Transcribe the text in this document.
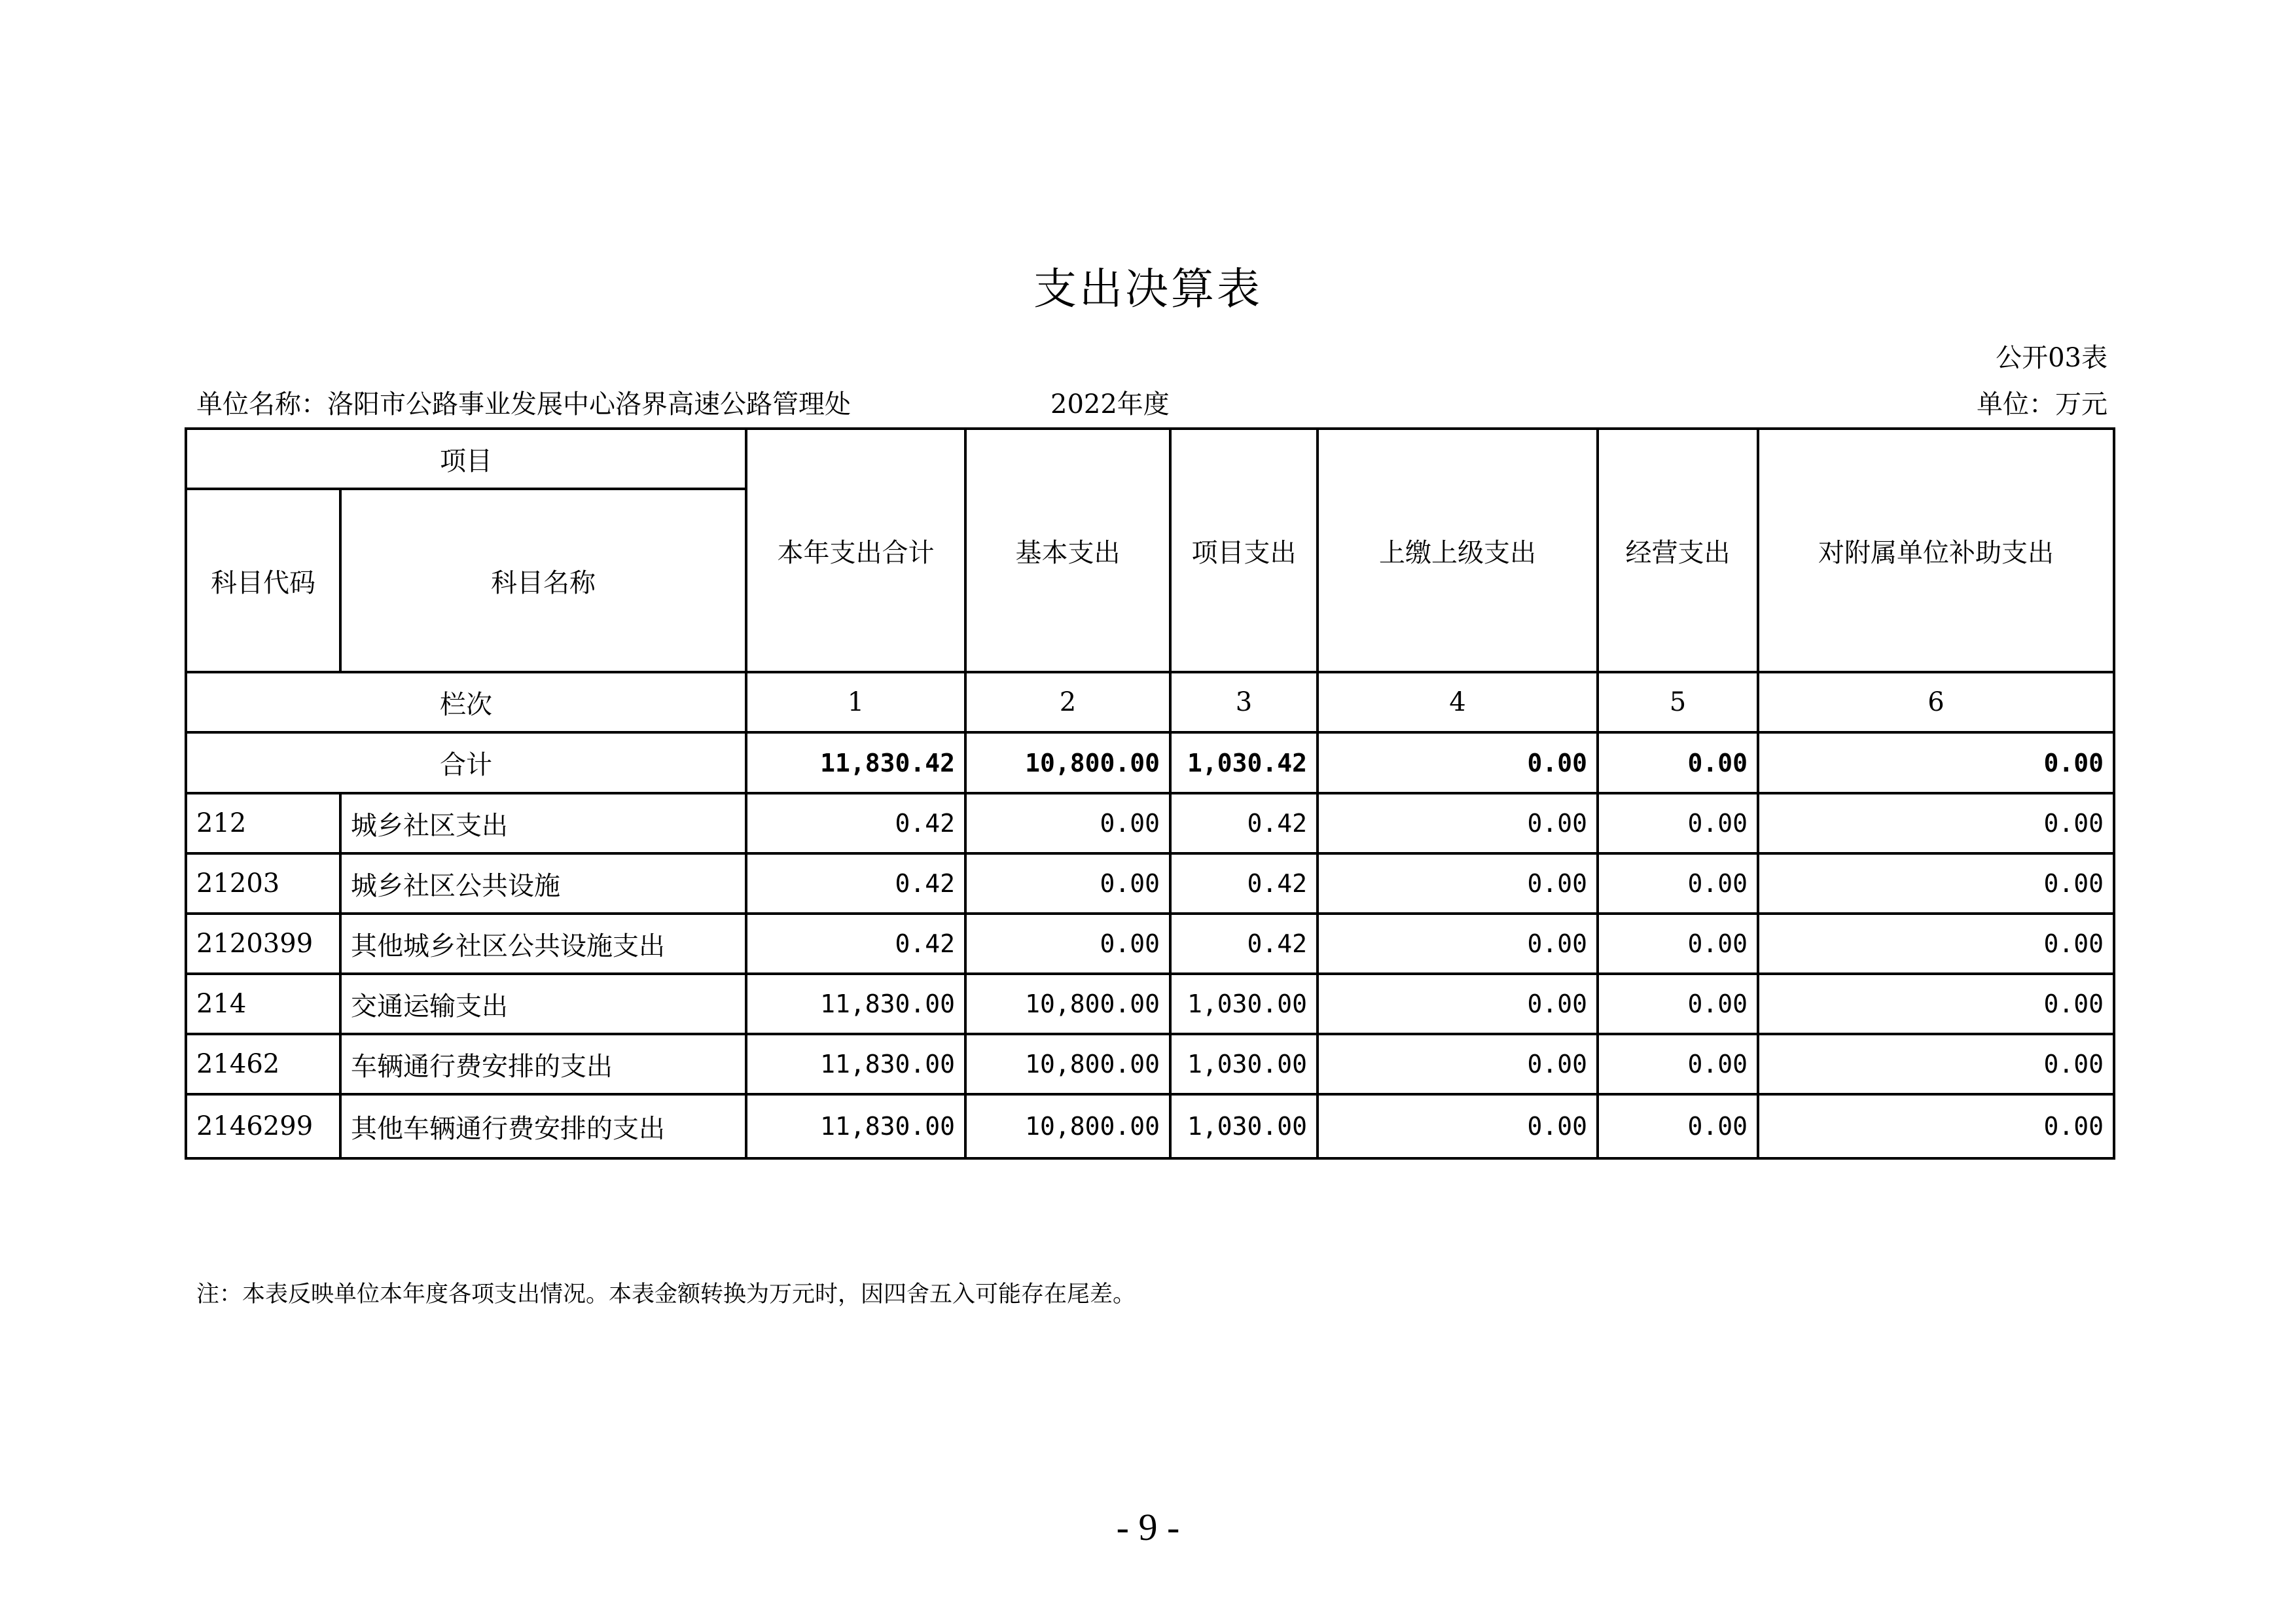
支出决算表
公开03表
单位名称：洛阳市公路事业发展中心洛界高速公路管理处	2022年度	单位：万元
项目		本年支出合计	基本支出	项目支出	上缴上级支出	经营支出	对附属单位补助支出
科目代码	科目名称						
栏次		1	2	3	4	5	6
合计		11,830.42	10,800.00	1,030.42	0.00	0.00	0.00
212	城乡社区支出	0.42	0.00	0.42	0.00	0.00	0.00
21203	城乡社区公共设施	0.42	0.00	0.42	0.00	0.00	0.00
2120399	其他城乡社区公共设施支出	0.42	0.00	0.42	0.00	0.00	0.00
214	交通运输支出	11,830.00	10,800.00	1,030.00	0.00	0.00	0.00
21462	车辆通行费安排的支出	11,830.00	10,800.00	1,030.00	0.00	0.00	0.00
2146299	其他车辆通行费安排的支出	11,830.00	10,800.00	1,030.00	0.00	0.00	0.00
注：本表反映单位本年度各项支出情况。本表金额转换为万元时，因四舍五入可能存在尾差。
- 9 -
